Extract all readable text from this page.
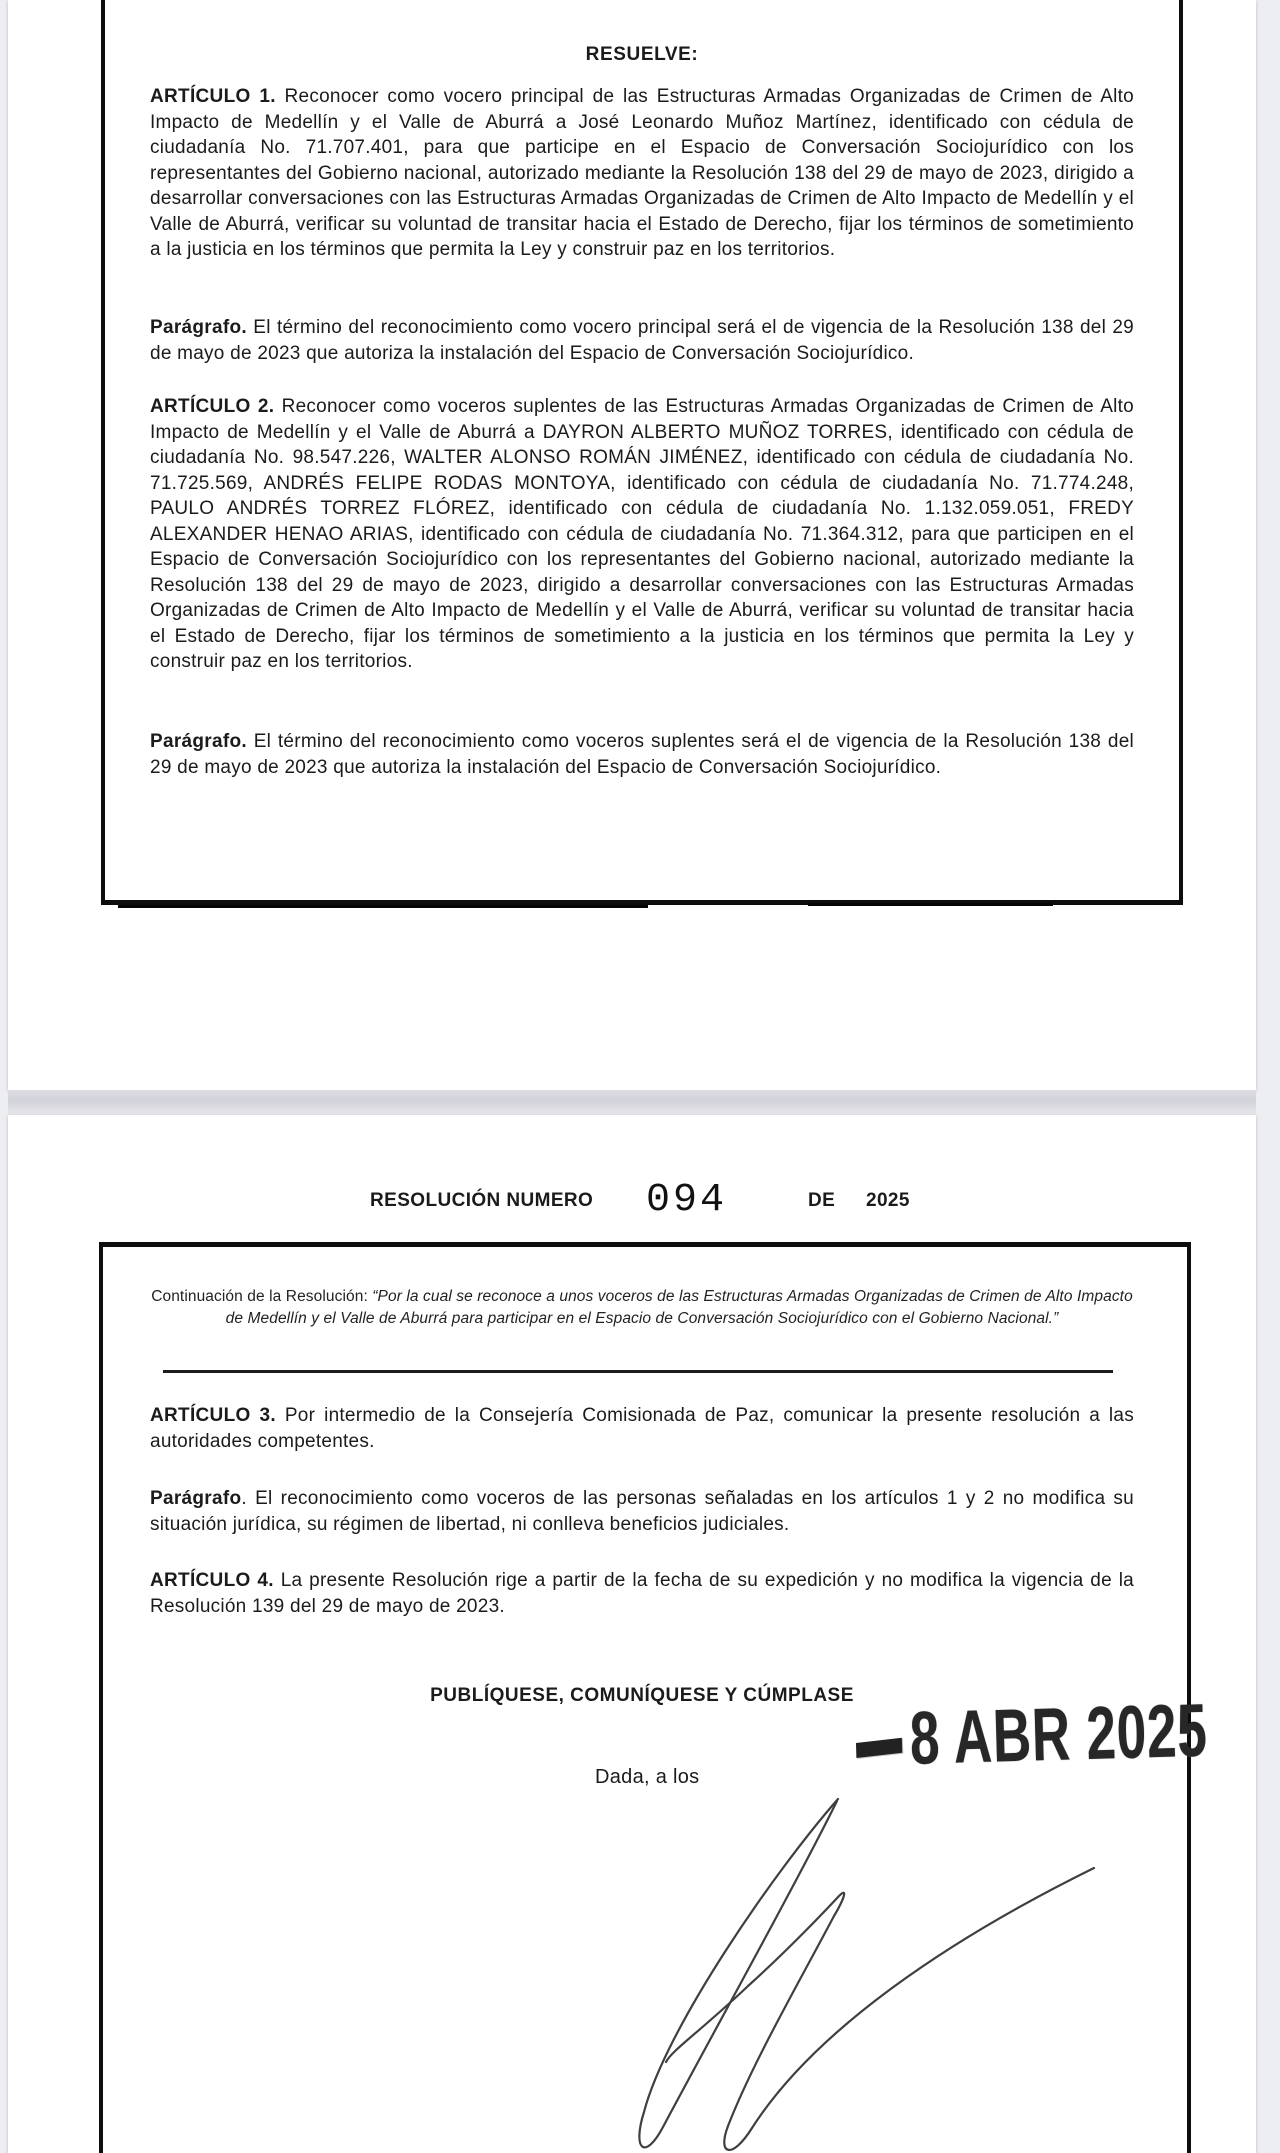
RESUELVE:
ARTÍCULO 1. Reconocer como vocero principal de las Estructuras Armadas Organizadas de Crimen de Alto Impacto de Medellín y el Valle de Aburrá a José Leonardo Muñoz Martínez, identificado con cédula de ciudadanía No. 71.707.401, para que participe en el Espacio de Conversación Sociojurídico con los representantes del Gobierno nacional, autorizado mediante la Resolución 138 del 29 de mayo de 2023, dirigido a desarrollar conversaciones con las Estructuras Armadas Organizadas de Crimen de Alto Impacto de Medellín y el Valle de Aburrá, verificar su voluntad de transitar hacia el Estado de Derecho, fijar los términos de sometimiento a la justicia en los términos que permita la Ley y construir paz en los territorios.
Parágrafo. El término del reconocimiento como vocero principal será el de vigencia de la Resolución 138 del 29 de mayo de 2023 que autoriza la instalación del Espacio de Conversación Sociojurídico.
ARTÍCULO 2. Reconocer como voceros suplentes de las Estructuras Armadas Organizadas de Crimen de Alto Impacto de Medellín y el Valle de Aburrá a DAYRON ALBERTO MUÑOZ TORRES, identificado con cédula de ciudadanía No. 98.547.226, WALTER ALONSO ROMÁN JIMÉNEZ, identificado con cédula de ciudadanía No. 71.725.569, ANDRÉS FELIPE RODAS MONTOYA, identificado con cédula de ciudadanía No. 71.774.248, PAULO ANDRÉS TORREZ FLÓREZ, identificado con cédula de ciudadanía No. 1.132.059.051, FREDY ALEXANDER HENAO ARIAS, identificado con cédula de ciudadanía No. 71.364.312, para que participen en el Espacio de Conversación Sociojurídico con los representantes del Gobierno nacional, autorizado mediante la Resolución 138 del 29 de mayo de 2023, dirigido a desarrollar conversaciones con las Estructuras Armadas Organizadas de Crimen de Alto Impacto de Medellín y el Valle de Aburrá, verificar su voluntad de transitar hacia el Estado de Derecho, fijar los términos de sometimiento a la justicia en los términos que permita la Ley y construir paz en los territorios.
Parágrafo. El término del reconocimiento como voceros suplentes será el de vigencia de la Resolución 138 del 29 de mayo de 2023 que autoriza la instalación del Espacio de Conversación Sociojurídico.
RESOLUCIÓN NUMERO 094	DE 2025
Continuación de la Resolución: “Por la cual se reconoce a unos voceros de las Estructuras Armadas Organizadas de Crimen de Alto Impacto de Medellín y el Valle de Aburrá para participar en el Espacio de Conversación Sociojurídico con el Gobierno Nacional.”
ARTÍCULO 3. Por intermedio de la Consejería Comisionada de Paz, comunicar la presente resolución a las autoridades competentes.
Parágrafo. El reconocimiento como voceros de las personas señaladas en los artículos 1 y 2 no modifica su situación jurídica, su régimen de libertad, ni conlleva beneficios judiciales.
ARTÍCULO 4. La presente Resolución rige a partir de la fecha de su expedición y no modifica la vigencia de la Resolución 139 del 29 de mayo de 2023.
PUBLÍQUESE, COMUNÍQUESE Y CÚMPLASE 8 ABR 2025
Dada, a los
